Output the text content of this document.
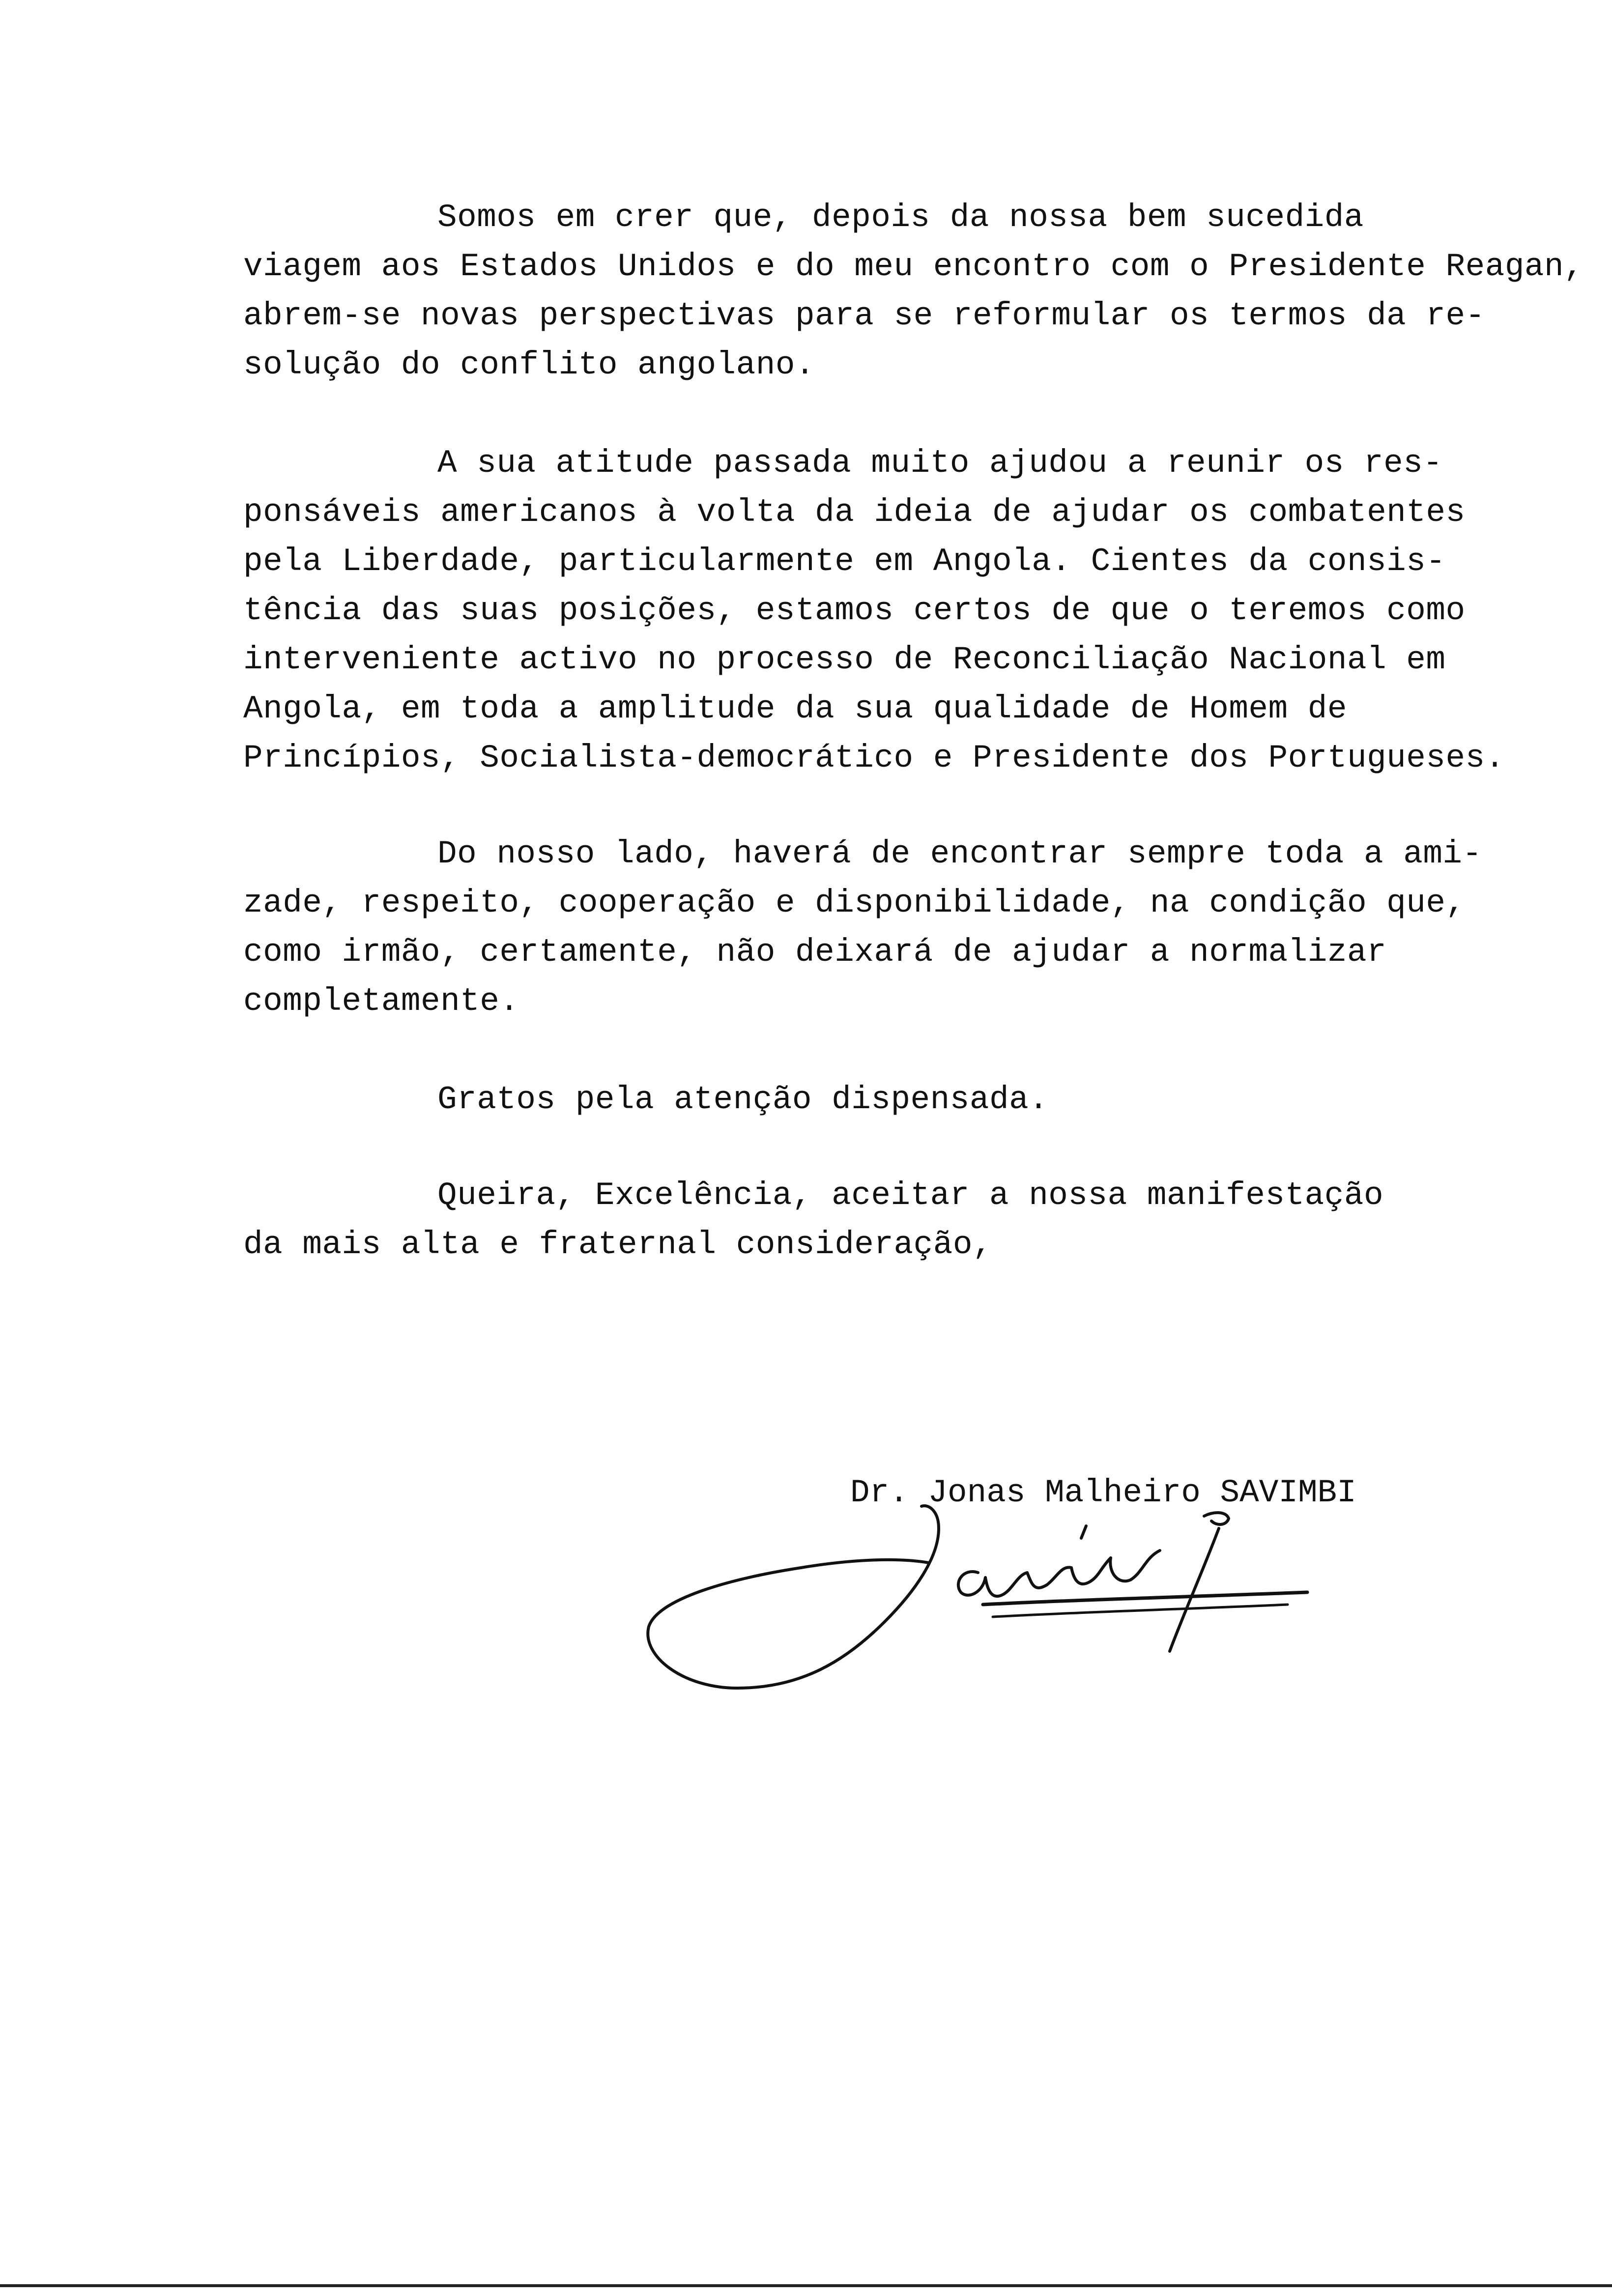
Somos em crer que, depois da nossa bem sucedida
viagem aos Estados Unidos e do meu encontro com o Presidente Reagan,
abrem-se novas perspectivas para se reformular os termos da re-
solução do conflito angolano.
A sua atitude passada muito ajudou a reunir os res-
ponsáveis americanos à volta da ideia de ajudar os combatentes
pela Liberdade, particularmente em Angola. Cientes da consis-
tência das suas posições, estamos certos de que o teremos como
interveniente activo no processo de Reconciliação Nacional em
Angola, em toda a amplitude da sua qualidade de Homem de
Princípios, Socialista-democrático e Presidente dos Portugueses.
Do nosso lado, haverá de encontrar sempre toda a ami-
zade, respeito, cooperação e disponibilidade, na condição que,
como irmão, certamente, não deixará de ajudar a normalizar
completamente.
Gratos pela atenção dispensada.
Queira, Excelência, aceitar a nossa manifestação
da mais alta e fraternal consideração,
Dr. Jonas Malheiro SAVIMBI
